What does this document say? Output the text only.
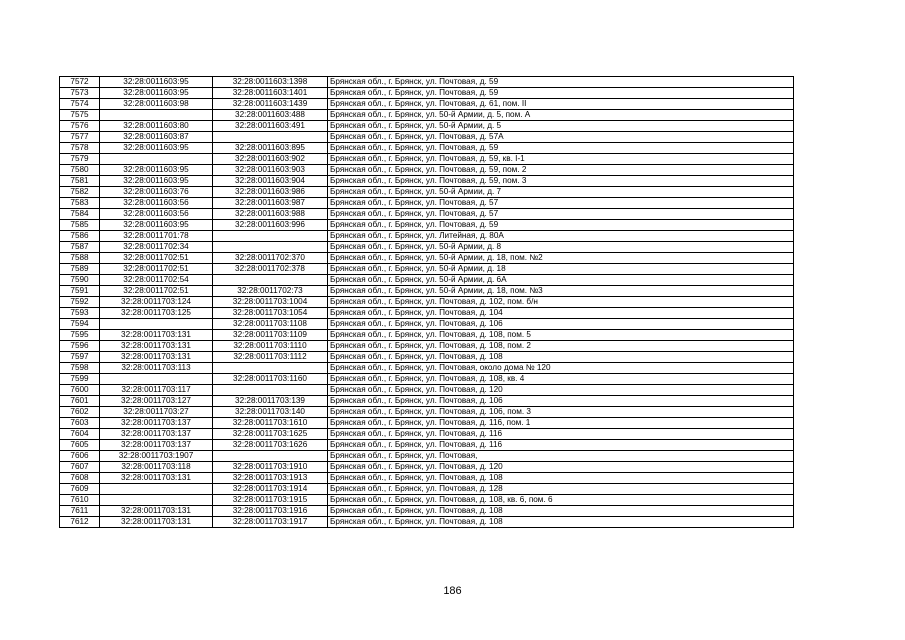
7572	32:28:0011603:95	32:28:0011603:1398	Брянская обл., г. Брянск, ул. Почтовая, д. 59
7573	32:28:0011603:95	32:28:0011603:1401	Брянская обл., г. Брянск, ул. Почтовая, д. 59
7574	32:28:0011603:98	32:28:0011603:1439	Брянская обл., г. Брянск, ул. Почтовая, д. 61, пом. II
7575		32:28:0011603:488	Брянская обл., г. Брянск, ул. 50-й Армии, д. 5, пом. А
7576	32:28:0011603:80	32:28:0011603:491	Брянская обл., г. Брянск, ул. 50-й Армии, д. 5
7577	32:28:0011603:87		Брянская обл., г. Брянск, ул. Почтовая, д. 57А
7578	32:28:0011603:95	32:28:0011603:895	Брянская обл., г. Брянск, ул. Почтовая, д. 59
7579		32:28:0011603:902	Брянская обл., г. Брянск, ул. Почтовая, д. 59, кв. I-1
7580	32:28:0011603:95	32:28:0011603:903	Брянская обл., г. Брянск, ул. Почтовая, д. 59, пом. 2
7581	32:28:0011603:95	32:28:0011603:904	Брянская обл., г. Брянск, ул. Почтовая, д. 59, пом. 3
7582	32:28:0011603:76	32:28:0011603:986	Брянская обл., г. Брянск, ул. 50-й Армии, д. 7
7583	32:28:0011603:56	32:28:0011603:987	Брянская обл., г. Брянск, ул. Почтовая, д. 57
7584	32:28:0011603:56	32:28:0011603:988	Брянская обл., г. Брянск, ул. Почтовая, д. 57
7585	32:28:0011603:95	32:28:0011603:996	Брянская обл., г. Брянск, ул. Почтовая, д. 59
7586	32:28:0011701:78		Брянская обл., г. Брянск, ул. Литейная, д. 80А
7587	32:28:0011702:34		Брянская обл., г. Брянск, ул. 50-й Армии, д. 8
7588	32:28:0011702:51	32:28:0011702:370	Брянская обл., г. Брянск, ул. 50-й Армии, д. 18, пом. №2
7589	32:28:0011702:51	32:28:0011702:378	Брянская обл., г. Брянск, ул. 50-й Армии, д. 18
7590	32:28:0011702:54		Брянская обл., г. Брянск, ул. 50-й Армии, д. 6А
7591	32:28:0011702:51	32:28:0011702:73	Брянская обл., г. Брянск, ул. 50-й Армии, д. 18, пом. №3
7592	32:28:0011703:124	32:28:0011703:1004	Брянская обл., г. Брянск, ул. Почтовая, д. 102, пом. б/н
7593	32:28:0011703:125	32:28:0011703:1054	Брянская обл., г. Брянск, ул. Почтовая, д. 104
7594		32:28:0011703:1108	Брянская обл., г. Брянск, ул. Почтовая, д. 106
7595	32:28:0011703:131	32:28:0011703:1109	Брянская обл., г. Брянск, ул. Почтовая, д. 108, пом. 5
7596	32:28:0011703:131	32:28:0011703:1110	Брянская обл., г. Брянск, ул. Почтовая, д. 108, пом. 2
7597	32:28:0011703:131	32:28:0011703:1112	Брянская обл., г. Брянск, ул. Почтовая, д. 108
7598	32:28:0011703:113		Брянская обл., г. Брянск, ул. Почтовая, около дома № 120
7599		32:28:0011703:1160	Брянская обл., г. Брянск, ул. Почтовая, д. 108, кв. 4
7600	32:28:0011703:117		Брянская обл., г. Брянск, ул. Почтовая, д. 120
7601	32:28:0011703:127	32:28:0011703:139	Брянская обл., г. Брянск, ул. Почтовая, д. 106
7602	32:28:0011703:27	32:28:0011703:140	Брянская обл., г. Брянск, ул. Почтовая, д. 106, пом. 3
7603	32:28:0011703:137	32:28:0011703:1610	Брянская обл., г. Брянск, ул. Почтовая, д. 116, пом. 1
7604	32:28:0011703:137	32:28:0011703:1625	Брянская обл., г. Брянск, ул. Почтовая, д. 116
7605	32:28:0011703:137	32:28:0011703:1626	Брянская обл., г. Брянск, ул. Почтовая, д. 116
7606	32:28:0011703:1907		Брянская обл., г. Брянск, ул. Почтовая,
7607	32:28:0011703:118	32:28:0011703:1910	Брянская обл., г. Брянск, ул. Почтовая, д. 120
7608	32:28:0011703:131	32:28:0011703:1913	Брянская обл., г. Брянск, ул. Почтовая, д. 108
7609		32:28:0011703:1914	Брянская обл., г. Брянск, ул. Почтовая, д. 128
7610		32:28:0011703:1915	Брянская обл., г. Брянск, ул. Почтовая, д. 108, кв. 6, пом. 6
7611	32:28:0011703:131	32:28:0011703:1916	Брянская обл., г. Брянск, ул. Почтовая, д. 108
7612	32:28:0011703:131	32:28:0011703:1917	Брянская обл., г. Брянск, ул. Почтовая, д. 108
186
